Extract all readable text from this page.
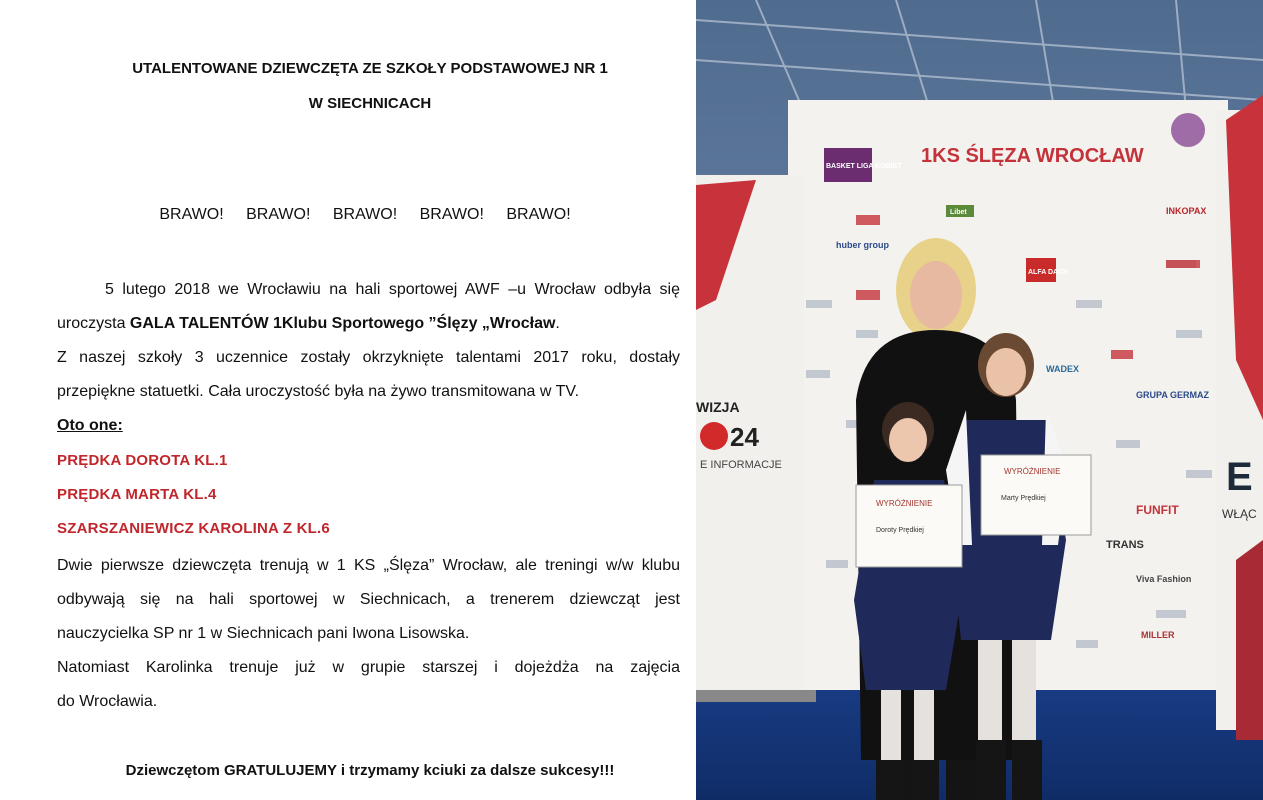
UTALENTOWANE DZIEWCZĘTA ZE SZKOŁY PODSTAWOWEJ NR 1
W SIECHNICACH
BRAWO! BRAWO! BRAWO! BRAWO! BRAWO!
5 lutego 2018 we Wrocławiu na hali sportowej AWF –u Wrocław odbyła się
uroczysta GALA TALENTÓW 1Klubu Sportowego ”Ślęzy „Wrocław.
Z naszej szkoły 3 uczennice zostały okrzyknięte talentami 2017 roku, dostały
przepiękne statuetki. Cała uroczystość była na żywo transmitowana w TV.
Oto one:
PRĘDKA DOROTA KL.1
PRĘDKA MARTA KL.4
SZARSZANIEWICZ KAROLINA Z KL.6
Dwie pierwsze dziewczęta trenują w 1 KS „Ślęza” Wrocław, ale treningi w/w klubu
odbywają się na hali sportowej w Siechnicach, a trenerem dziewcząt jest
nauczycielka SP nr 1 w Siechnicach pani Iwona Lisowska.
Natomiast Karolinka trenuje już w grupie starszej i dojeżdża na zajęcia
do Wrocławia.
Dziewczętom GRATULUJEMY i trzymamy kciuki za dalsze sukcesy!!!
1KS ŚLĘZA WROCŁAW
BASKET LIGA KOBIET
Libet	INKOPAX
huber group
WADEX
ALFA DACH
GRUPA GERMAZ
Viva Fashion
FUNFIT
TRANS
MILLER
WIZJA
24
E INFORMACJE	E
WŁĄC
WYRÓŻNIENIE
Marty Prędkiej
WYRÓŻNIENIE
Doroty Prędkiej
